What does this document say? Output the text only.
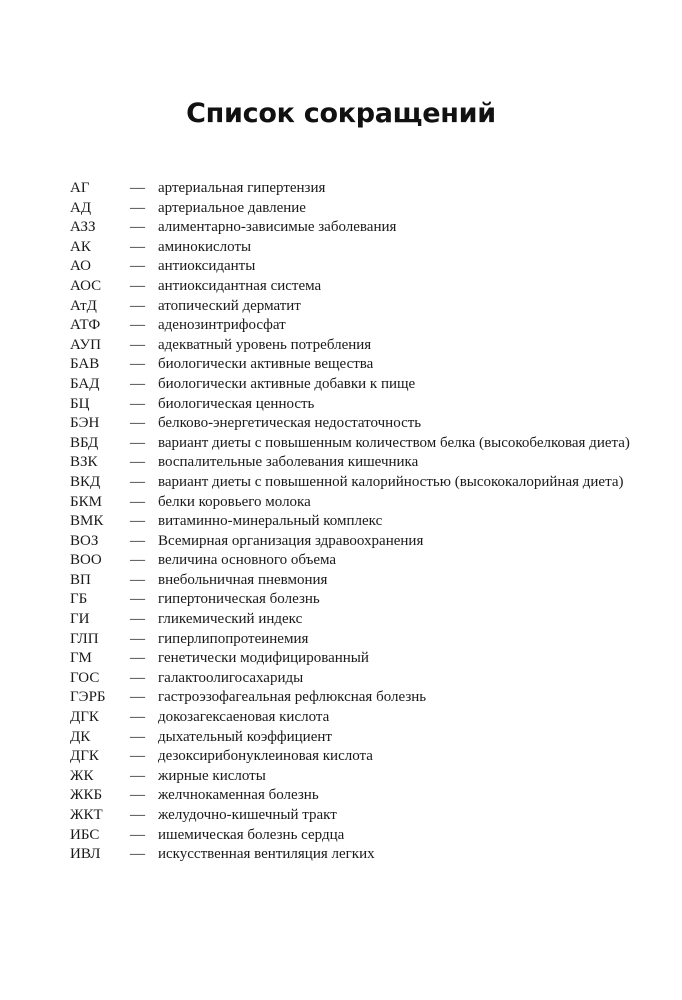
Список сокращений
АГ	— артериальная гипертензия
АД	— артериальное давление
АЗЗ	— алиментарно-зависимые заболевания
АК	— аминокислоты
АО	— антиоксиданты
АОС	— антиоксидантная система
АтД	— атопический дерматит
АТФ	— аденозинтрифосфат
АУП	— адекватный уровень потребления
БАВ	— биологически активные вещества
БАД	— биологически активные добавки к пище
БЦ	— биологическая ценность
БЭН	— белково-энергетическая недостаточность
ВБД	— вариант диеты с повышенным количеством белка (высокобелковая диета)
ВЗК	— воспалительные заболевания кишечника
ВКД	— вариант диеты с повышенной калорийностью (высококалорийная диета)
БКМ	— белки коровьего молока
ВМК	— витаминно-минеральный комплекс
ВОЗ	— Всемирная организация здравоохранения
ВОО	— величина основного объема
ВП	— внебольничная пневмония
ГБ	— гипертоническая болезнь
ГИ	— гликемический индекс
ГЛП	— гиперлипопротеинемия
ГМ	— генетически модифицированный
ГОС	— галактоолигосахариды
ГЭРБ	— гастроэзофагеальная рефлюксная болезнь
ДГК	— докозагексаеновая кислота
ДК	— дыхательный коэффициент
ДГК	— дезоксирибонуклеиновая кислота
ЖК	— жирные кислоты
ЖКБ	— желчнокаменная болезнь
ЖКТ	— желудочно-кишечный тракт
ИБС	— ишемическая болезнь сердца
ИВЛ	— искусственная вентиляция легких
